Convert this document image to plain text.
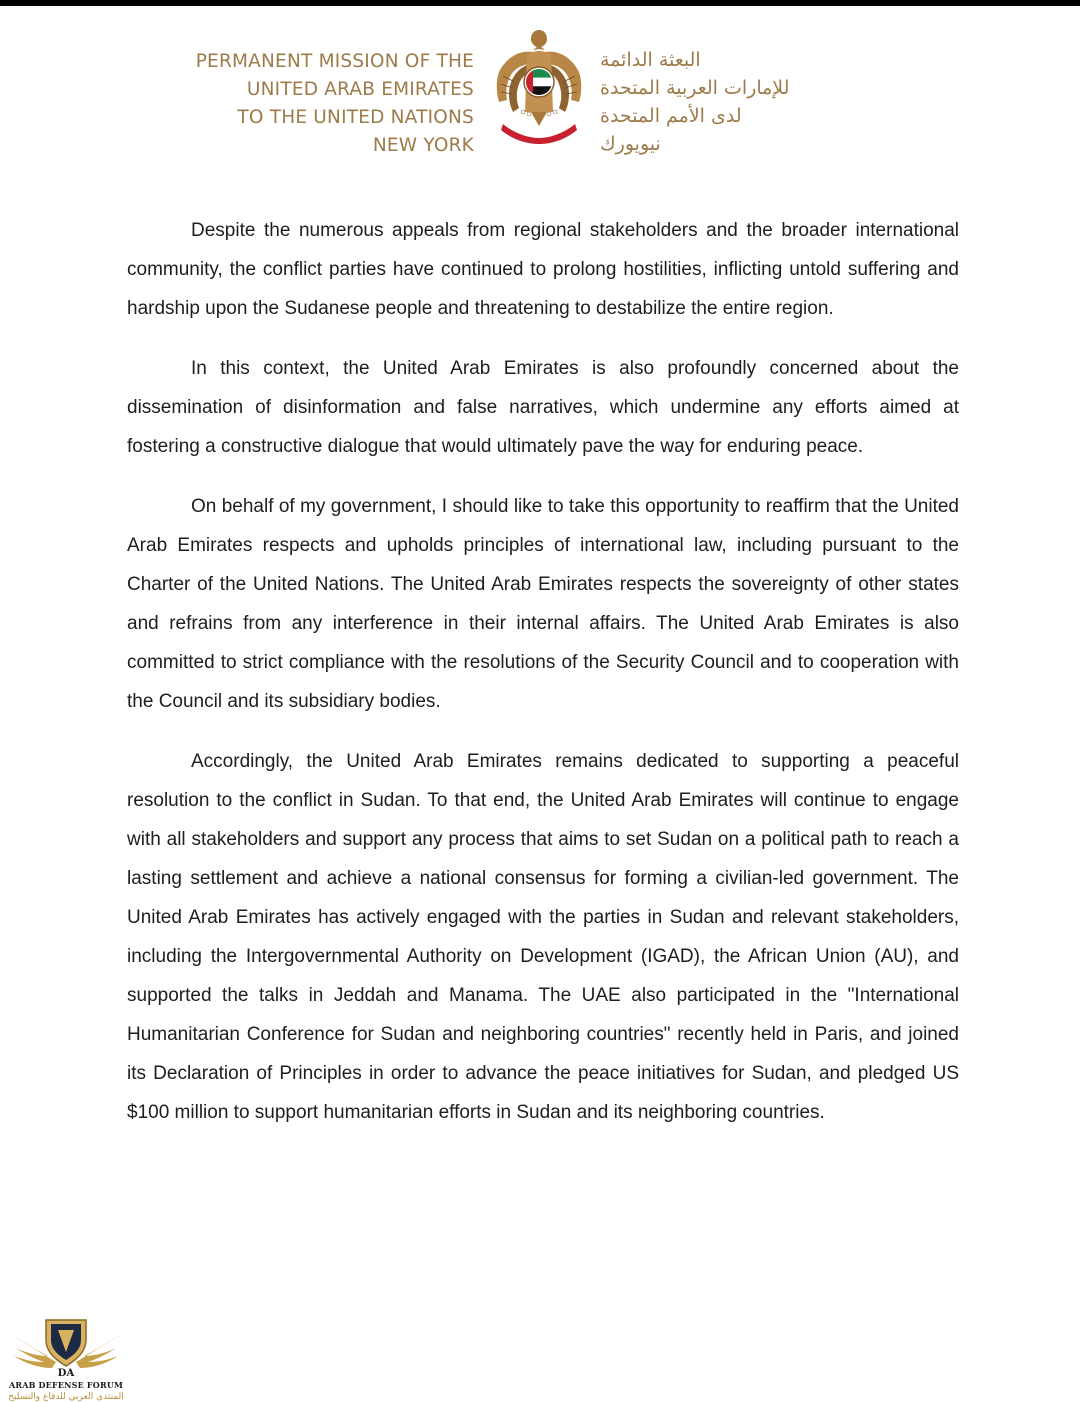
PERMANENT MISSION OF THE
UNITED ARAB EMIRATES
TO THE UNITED NATIONS
NEW YORK
البعثة الدائمة
للإمارات العربية المتحدة
لدى الأمم المتحدة
نيويورك

Despite the numerous appeals from regional stakeholders and the broader international community, the conflict parties have continued to prolong hostilities, inflicting untold suffering and hardship upon the Sudanese people and threatening to destabilize the entire region.

In this context, the United Arab Emirates is also profoundly concerned about the dissemination of disinformation and false narratives, which undermine any efforts aimed at fostering a constructive dialogue that would ultimately pave the way for enduring peace.

On behalf of my government, I should like to take this opportunity to reaffirm that the United Arab Emirates respects and upholds principles of international law, including pursuant to the Charter of the United Nations. The United Arab Emirates respects the sovereignty of other states and refrains from any interference in their internal affairs. The United Arab Emirates is also committed to strict compliance with the resolutions of the Security Council and to cooperation with the Council and its subsidiary bodies.

Accordingly, the United Arab Emirates remains dedicated to supporting a peaceful resolution to the conflict in Sudan. To that end, the United Arab Emirates will continue to engage with all stakeholders and support any process that aims to set Sudan on a political path to reach a lasting settlement and achieve a national consensus for forming a civilian-led government. The United Arab Emirates has actively engaged with the parties in Sudan and relevant stakeholders, including the Intergovernmental Authority on Development (IGAD), the African Union (AU), and supported the talks in Jeddah and Manama. The UAE also participated in the "International Humanitarian Conference for Sudan and neighboring countries" recently held in Paris, and joined its Declaration of Principles in order to advance the peace initiatives for Sudan, and pledged US $100 million to support humanitarian efforts in Sudan and its neighboring countries.

DA
ARAB DEFENSE FORUM
المنتدى العربي للدفاع والتسليح
